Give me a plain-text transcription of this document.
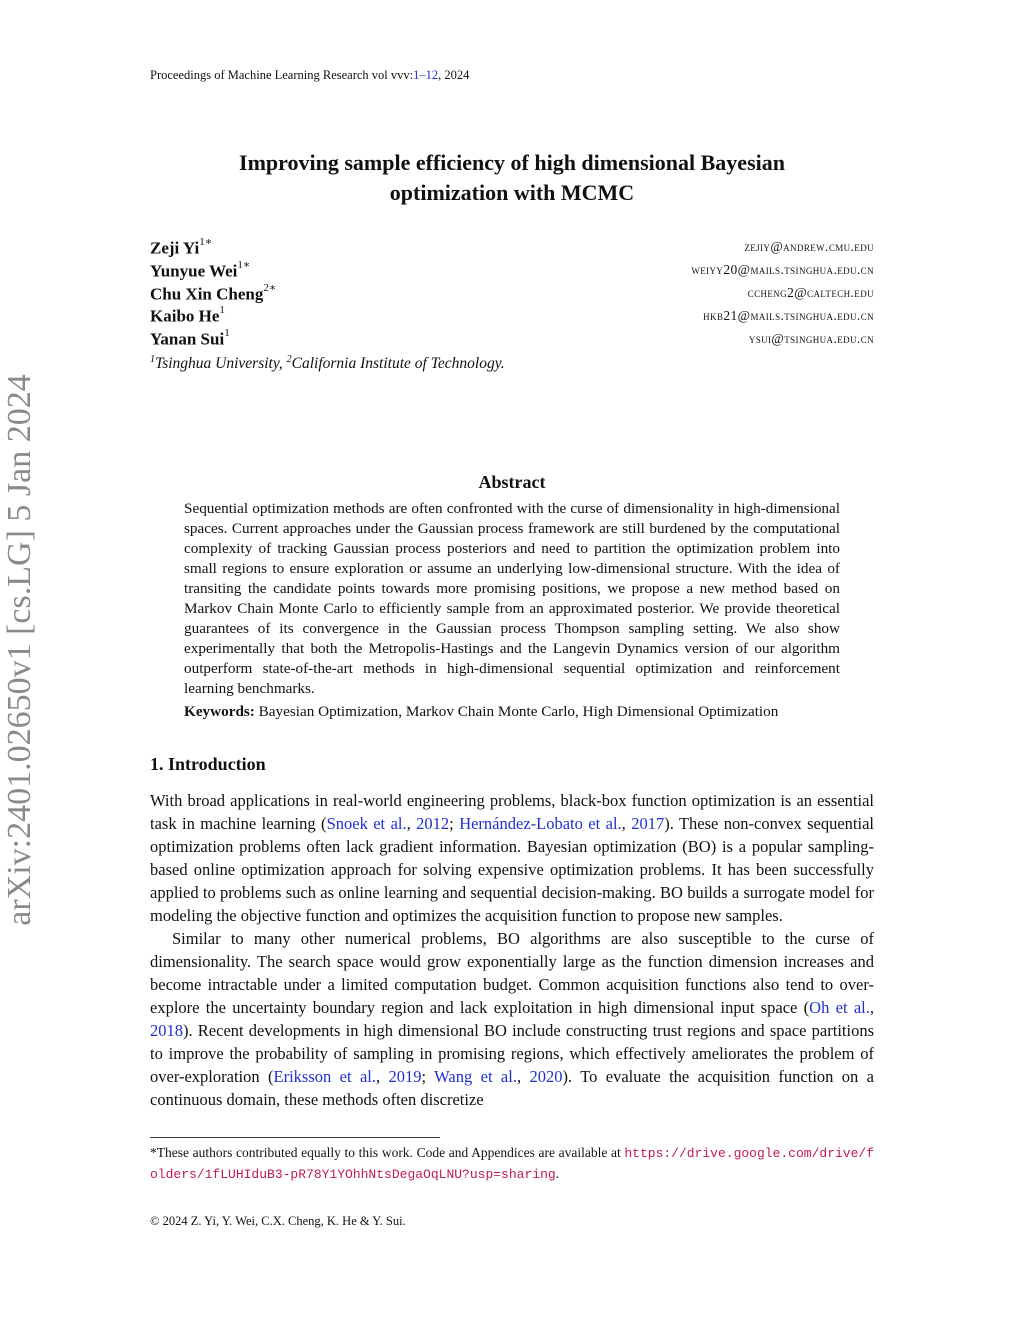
Proceedings of Machine Learning Research vol vvv:1–12, 2024
arXiv:2401.02650v1 [cs.LG] 5 Jan 2024
Improving sample efficiency of high dimensional Bayesian
optimization with MCMC
Zeji $Yi^{1∗}$	zejiy@andrew.cmu.edu
Yunyue Wei$^{1∗}$	weiyy20@mails.tsinghua.edu.cn
Chu Xin Cheng$^{2∗}$	ccheng2@caltech.edu
Kaibo He$^1$	hkb21@mails.tsinghua.edu.cn
Yanan Sui$^1$	ysui@tsinghua.edu.cn
$^1$Tsinghua University, $^2$California Institute of Technology.
Abstract
Sequential optimization methods are often confronted with the curse of dimensionality in high-dimensional spaces. Current approaches under the Gaussian process framework are still burdened by the computational complexity of tracking Gaussian process posteriors and need to partition the optimization problem into small regions to ensure exploration or assume an underlying low-dimensional structure. With the idea of transiting the candidate points towards more promising positions, we propose a new method based on Markov Chain Monte Carlo to efficiently sample from an approximated posterior. We provide theoretical guarantees of its convergence in the Gaussian process Thompson sampling setting. We also show experimentally that both the Metropolis-Hastings and the Langevin Dynamics version of our algorithm outperform state-of-the-art methods in high-dimensional sequential optimization and reinforcement learning benchmarks.
Keywords: Bayesian Optimization, Markov Chain Monte Carlo, High Dimensional Optimization
1. Introduction

With broad applications in real-world engineering problems, black-box function optimization is an essential task in machine learning (Snoek et al., 2012; Hernández-Lobato et al., 2017). These non-convex sequential optimization problems often lack gradient information. Bayesian optimization (BO) is a popular sampling-based online optimization approach for solving expensive optimization problems. It has been successfully applied to problems such as online learning and sequential decision-making. BO builds a surrogate model for modeling the objective function and optimizes the acquisition function to propose new samples.

Similar to many other numerical problems, BO algorithms are also susceptible to the curse of dimensionality. The search space would grow exponentially large as the function dimension increases and become intractable under a limited computation budget. Common acquisition functions also tend to over-explore the uncertainty boundary region and lack exploitation in high dimensional input space (Oh et al., 2018). Recent developments in high dimensional BO include constructing trust regions and space partitions to improve the probability of sampling in promising regions, which effectively ameliorates the problem of over-exploration (Eriksson et al., 2019; Wang et al., 2020). To evaluate the acquisition function on a continuous domain, these methods often discretize

*These authors contributed equally to this work. Code and Appendices are available at https://drive.google.com/drive/folders/1fLUHIduB3-pR78Y1YOhhNtsDegaOqLNU?usp=sharing.
© 2024 Z. Yi, Y. Wei, C.X. Cheng, K. He & Y. Sui.
